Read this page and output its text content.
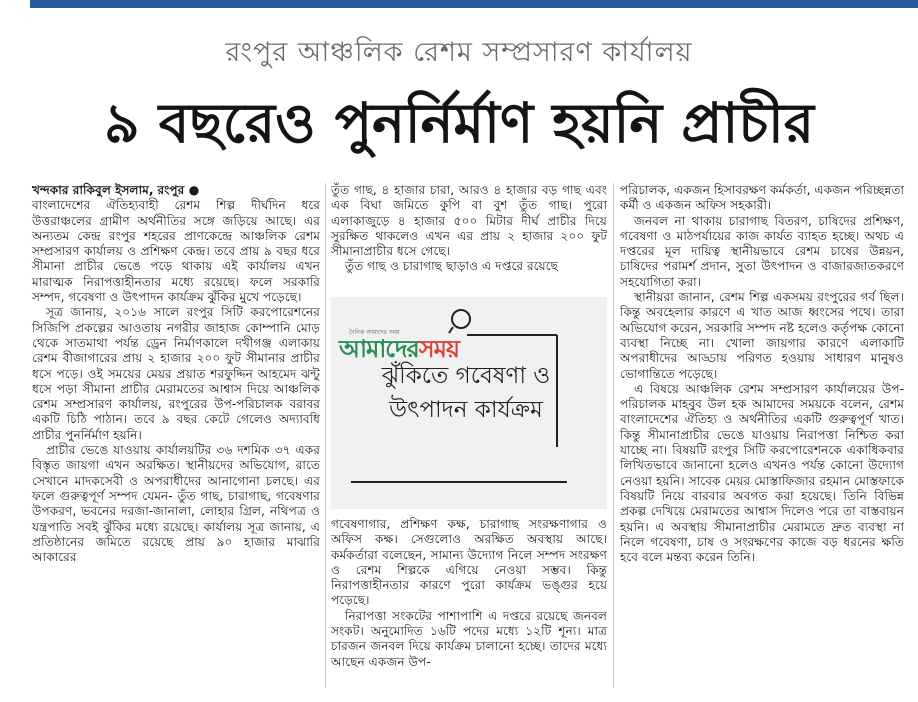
রংপুর আঞ্চলিক রেশম সম্প্রসারণ কার্যালয়
৯ বছরেও পুনর্নির্মাণ হয়নি প্রাচীর

খন্দকার রাকিবুল ইসলাম, রংপুর ●
বাংলাদেশের ঐতিহ্যবাহী রেশম শিল্প দীর্ঘদিন ধরে উত্তরাঞ্চলের গ্রামীণ অর্থনীতির সঙ্গে জড়িয়ে আছে। এর অন্যতম কেন্দ্র রংপুর শহরের প্রাণকেন্দ্রে আঞ্চলিক রেশম সম্প্রসারণ কার্যালয় ও প্রশিক্ষণ কেন্দ্র। তবে প্রায় ৯ বছর ধরে সীমানা প্রাচীর ভেঙে পড়ে থাকায় এই কার্যালয় এখন মারাত্মক নিরাপত্তাহীনতার মধ্যে রয়েছে। ফলে সরকারি সম্পদ, গবেষণা ও উৎপাদন কার্যক্রম ঝুঁকির মুখে পড়েছে।

সূত্র জানায়, ২০১৬ সালে রংপুর সিটি করপোরেশনের সিজিপি প্রকল্পের আওতায় নগরীর জাহাজ কোম্পানি মোড় থেকে সাতমাথা পর্যন্ত ড্রেন নির্মাণকালে দখীগঞ্জ এলাকায় রেশম বীজাগারের প্রায় ২ হাজার ২০০ ফুট সীমানার প্রাচীর ধসে পড়ে। ওই সময়ের মেয়র প্রয়াত শরফুদ্দিন আহমেদ ঝন্টু ধসে পড়া সীমানা প্রাচীর মেরামতের আশ্বাস দিয়ে আঞ্চলিক রেশম সম্প্রসারণ কার্যালয়, রংপুরের উপ-পরিচালক বরাবর একটি চিঠি পাঠান। তবে ৯ বছর কেটে গেলেও অদ্যাবধি প্রাচীর পুনর্নির্মাণ হয়নি।

প্রাচীর ভেঙে যাওয়ায় কার্যালয়টির ৩৬ দশমিক ৩৭ একর বিস্তৃত জায়গা এখন অরক্ষিত। স্থানীয়দের অভিযোগ, রাতে সেখানে মাদকসেবী ও অপরাধীদের আনাগোনা চলছে। এর ফলে গুরুত্বপূর্ণ সম্পদ যেমন- তুঁত গাছ, চারাগাছ, গবেষণার উপকরণ, ভবনের দরজা-জানালা, লোহার গ্রিল, নথিপত্র ও যন্ত্রপাতি সবই ঝুঁকির মধ্যে রয়েছে। কার্যালয় সূত্র জানায়, এ প্রতিষ্ঠানের জমিতে রয়েছে প্রায় ৯০ হাজার মাঝারি আকারের

তুঁত গাছ, ৪ হাজার চারা, আরও ৪ হাজার বড় গাছ এবং এক বিঘা জমিতে কুপি বা বুশ তুঁত গাছ। পুরো এলাকাজুড়ে ৪ হাজার ৫০০ মিটার দীর্ঘ প্রাচীর দিয়ে সুরক্ষিত থাকলেও এখন এর প্রায় ২ হাজার ২০০ ফুট সীমানাপ্রাচীর ধসে গেছে।

তুঁত গাছ ও চারাগাছ ছাড়াও এ দপ্তরে রয়েছে

দৈনিক আমাদের সময়
আমাদেরসময়
ঝুঁকিতে গবেষণা ও উৎপাদন কার্যক্রম

গবেষণাগার, প্রশিক্ষণ কক্ষ, চারাগাছ সংরক্ষণাগার ও অফিস কক্ষ। সেগুলোও অরক্ষিত অবস্থায় আছে। কর্মকর্তারা বলেছেন, সামান্য উদ্যোগ নিলে সম্পদ সংরক্ষণ ও রেশম শিল্পকে এগিয়ে নেওয়া সম্ভব। কিন্তু নিরাপত্তাহীনতার কারণে পুরো কার্যক্রম ভঙ্গুর হয়ে পড়েছে।

নিরাপত্তা সংকটের পাশাপাশি এ দপ্তরে রয়েছে জনবল সংকট। অনুমোদিত ১৬টি পদের মধ্যে ১২টি শূন্য। মাত্র চারজন জনবল দিয়ে কার্যক্রম চালানো হচ্ছে। তাদের মধ্যে আছেন একজন উপ-

পরিচালক, একজন হিসাবরক্ষণ কর্মকর্তা, একজন পরিচ্ছন্নতা কর্মী ও একজন অফিস সহকারী।

জনবল না থাকায় চারাগাছ বিতরণ, চাষিদের প্রশিক্ষণ, গবেষণা ও মাঠপর্যায়ের কাজ কার্যত ব্যাহত হচ্ছে। অথচ এ দপ্তরের মূল দায়িত্ব স্থানীয়ভাবে রেশম চাষের উন্নয়ন, চাষিদের পরামর্শ প্রদান, সুতা উৎপাদন ও বাজারজাতকরণে সহযোগিতা করা।

স্থানীয়রা জানান, রেশম শিল্প একসময় রংপুরের গর্ব ছিল। কিন্তু অবহেলার কারণে এ খাত আজ ধ্বংসের পথে। তারা অভিযোগ করেন, সরকারি সম্পদ নষ্ট হলেও কর্তৃপক্ষ কোনো ব্যবস্থা নিচ্ছে না। খোলা জায়গার কারণে এলাকাটি অপরাধীদের আড্ডায় পরিণত হওয়ায় সাধারণ মানুষও ভোগান্তিতে পড়েছে।

এ বিষয়ে আঞ্চলিক রেশম সম্প্রসারণ কার্যালয়ের উপ-পরিচালক মাহবুব উল হক আমাদের সময়কে বলেন, রেশম বাংলাদেশের ঐতিহ্য ও অর্থনীতির একটি গুরুত্বপূর্ণ খাত। কিন্তু সীমানাপ্রাচীর ভেঙে যাওয়ায় নিরাপত্তা নিশ্চিত করা যাচ্ছে না। বিষয়টি রংপুর সিটি করপোরেশনকে একাধিকবার লিখিতভাবে জানানো হলেও এখনও পর্যন্ত কোনো উদ্যোগ নেওয়া হয়নি। সাবেক মেয়র মোস্তাফিজার রহমান মোস্তফাকে বিষয়টি নিয়ে বারবার অবগত করা হয়েছে। তিনি বিভিন্ন প্রকল্প দেখিয়ে মেরামতের আশ্বাস দিলেও পরে তা বাস্তবায়ন হয়নি। এ অবস্থায় সীমানাপ্রাচীর মেরামতে দ্রুত ব্যবস্থা না নিলে গবেষণা, চাষ ও সংরক্ষণের কাজে বড় ধরনের ক্ষতি হবে বলে মন্তব্য করেন তিনি।
